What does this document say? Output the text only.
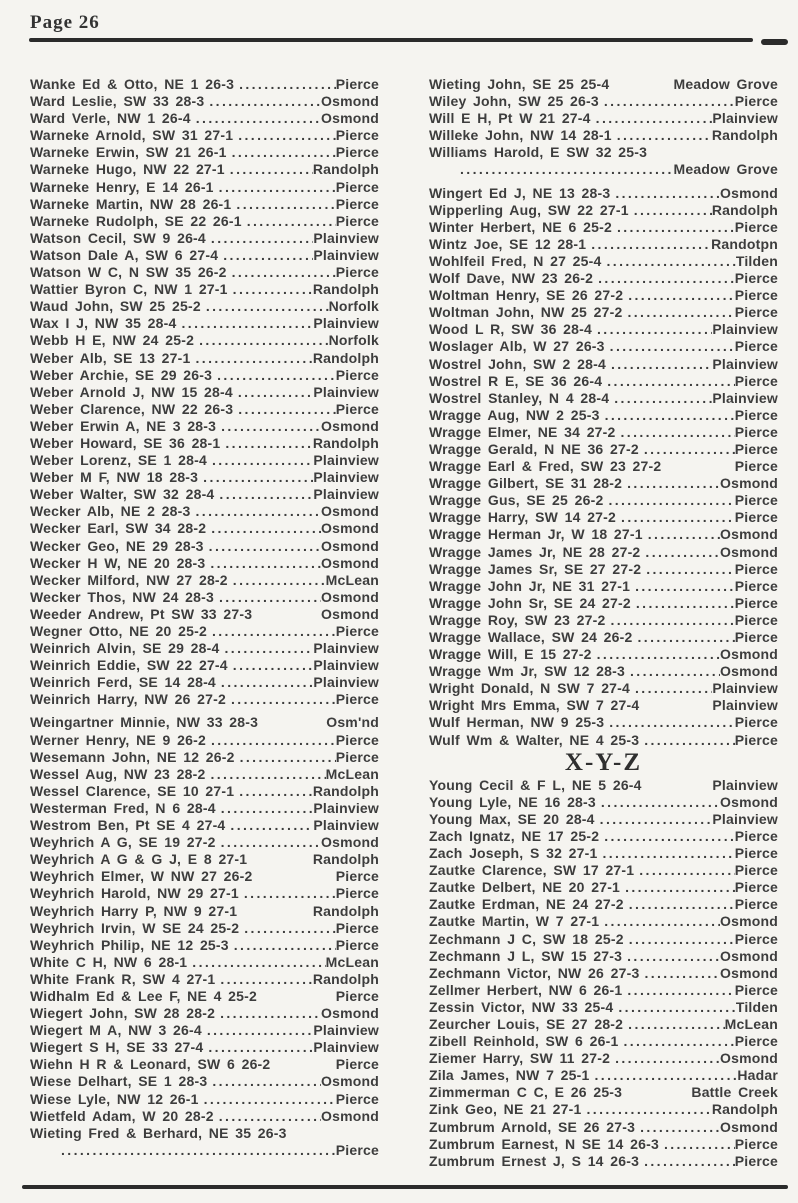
Page 26
Wanke Ed & Otto, NE 1 26-3 .....	Pierce
Ward Leslie, SW 33 28-3 .....	Osmond
Ward Verle, NW 1 26-4 .....	Osmond
Warneke Arnold, SW 31 27-1 .....	Pierce
Warneke Erwin, SW 21 26-1 .....	Pierce
Warneke Hugo, NW 22 27-1 .....	Randolph
Warneke Henry, E 14 26-1 .....	Pierce
Warneke Martin, NW 28 26-1 .....	Pierce
Warneke Rudolph, SE 22 26-1 .....	Pierce
Watson Cecil, SW 9 26-4 .....	Plainview
Watson Dale A, SW 6 27-4 .....	Plainview
Watson W C, N SW 35 26-2 .....	Pierce
Wattier Byron C, NW 1 27-1 .....	Randolph
Waud John, SW 25 25-2 .....	Norfolk
Wax I J, NW 35 28-4 .....	Plainview
Webb H E, NW 24 25-2 .....	Norfolk
Weber Alb, SE 13 27-1 .....	Randolph
Weber Archie, SE 29 26-3 .....	Pierce
Weber Arnold J, NW 15 28-4 .....	Plainview
Weber Clarence, NW 22 26-3 .....	Pierce
Weber Erwin A, NE 3 28-3 .....	Osmond
Weber Howard, SE 36 28-1 .....	Randolph
Weber Lorenz, SE 1 28-4 .....	Plainview
Weber M F, NW 18 28-3 .....	Plainview
Weber Walter, SW 32 28-4 .....	Plainview
Wecker Alb, NE 2 28-3 .....	Osmond
Wecker Earl, SW 34 28-2 .....	Osmond
Wecker Geo, NE 29 28-3 .....	Osmond
Wecker H W, NE 20 28-3 .....	Osmond
Wecker Milford, NW 27 28-2 .....	McLean
Wecker Thos, NW 24 28-3 .....	Osmond
Weeder Andrew, Pt SW 33 27-3	Osmond
Wegner Otto, NE 20 25-2 .....	Pierce
Weinrich Alvin, SE 29 28-4 .....	Plainview
Weinrich Eddie, SW 22 27-4 .....	Plainview
Weinrich Ferd, SE 14 28-4 .....	Plainview
Weinrich Harry, NW 26 27-2 .....	Pierce
Weingartner Minnie, NW 33 28-3	Osm'nd
Werner Henry, NE 9 26-2 .....	Pierce
Wesemann John, NE 12 26-2 .....	Pierce
Wessel Aug, NW 23 28-2 .....	McLean
Wessel Clarence, SE 10 27-1 .....	Randolph
Westerman Fred, N 6 28-4 .....	Plainview
Westrom Ben, Pt SE 4 27-4 .....	Plainview
Weyhrich A G, SE 19 27-2 .....	Osmond
Weyhrich A G & G J, E 8 27-1	Randolph
Weyhrich Elmer, W NW 27 26-2	Pierce
Weyhrich Harold, NW 29 27-1 .....	Pierce
Weyhrich Harry P, NW 9 27-1	Randolph
Weyhrich Irvin, W SE 24 25-2 .....	Pierce
Weyhrich Philip, NE 12 25-3 .....	Pierce
White C H, NW 6 28-1 .....	McLean
White Frank R, SW 4 27-1 .....	Randolph
Widhalm Ed & Lee F, NE 4 25-2	Pierce
Wiegert John, SW 28 28-2 .....	Osmond
Wiegert M A, NW 3 26-4 .....	Plainview
Wiegert S H, SE 33 27-4 .....	Plainview
Wiehn H R & Leonard, SW 6 26-2	Pierce
Wiese Delhart, SE 1 28-3 .....	Osmond
Wiese Lyle, NW 12 26-1 .....	Pierce
Wietfeld Adam, W 20 28-2 .....	Osmond
Wieting Fred & Berhard, NE 35 26-3
.....
Pierce
Wieting John, SE 25 25-4	Meadow Grove
Wiley John, SW 25 26-3 .....	Pierce
Will E H, Pt W 21 27-4 .....	Plainview
Willeke John, NW 14 28-1 .....	Randolph
Williams Harold, E SW 32 25-3
.....
Meadow Grove
Wingert Ed J, NE 13 28-3 .....	Osmond
Wipperling Aug, SW 22 27-1 .....	Randolph
Winter Herbert, NE 6 25-2 .....	Pierce
Wintz Joe, SE 12 28-1 .....	Randotpn
Wohlfeil Fred, N 27 25-4 .....	Tilden
Wolf Dave, NW 23 26-2 .....	Pierce
Woltman Henry, SE 26 27-2 .....	Pierce
Woltman John, NW 25 27-2 .....	Pierce
Wood L R, SW 36 28-4 .....	Plainview
Woslager Alb, W 27 26-3 .....	Pierce
Wostrel John, SW 2 28-4 .....	Plainview
Wostrel R E, SE 36 26-4 .....	Pierce
Wostrel Stanley, N 4 28-4 .....	Plainview
Wragge Aug, NW 2 25-3 .....	Pierce
Wragge Elmer, NE 34 27-2 .....	Pierce
Wragge Gerald, N NE 36 27-2 .....	Pierce
Wragge Earl & Fred, SW 23 27-2	Pierce
Wragge Gilbert, SE 31 28-2 .....	Osmond
Wragge Gus, SE 25 26-2 .....	Pierce
Wragge Harry, SW 14 27-2 .....	Pierce
Wragge Herman Jr, W 18 27-1 .....	Osmond
Wragge James Jr, NE 28 27-2 .....	Osmond
Wragge James Sr, SE 27 27-2 .....	Pierce
Wragge John Jr, NE 31 27-1 .....	Pierce
Wragge John Sr, SE 24 27-2 .....	Pierce
Wragge Roy, SW 23 27-2 .....	Pierce
Wragge Wallace, SW 24 26-2 .....	Pierce
Wragge Will, E 15 27-2 .....	Osmond
Wragge Wm Jr, SW 12 28-3 .....	Osmond
Wright Donald, N SW 7 27-4 .....	Plainview
Wright Mrs Emma, SW 7 27-4	Plainview
Wulf Herman, NW 9 25-3 .....	Pierce
Wulf Wm & Walter, NE 4 25-3 .....	Pierce
X-Y-Z
Young Cecil & F L, NE 5 26-4	Plainview
Young Lyle, NE 16 28-3 .....	Osmond
Young Max, SE 20 28-4 .....	Plainview
Zach Ignatz, NE 17 25-2 .....	Pierce
Zach Joseph, S 32 27-1 .....	Pierce
Zautke Clarence, SW 17 27-1 .....	Pierce
Zautke Delbert, NE 20 27-1 .....	Pierce
Zautke Erdman, NE 24 27-2 .....	Pierce
Zautke Martin, W 7 27-1 .....	Osmond
Zechmann J C, SW 18 25-2 .....	Pierce
Zechmann J L, SW 15 27-3 .....	Osmond
Zechmann Victor, NW 26 27-3 .....	Osmond
Zellmer Herbert, NW 6 26-1 .....	Pierce
Zessin Victor, NW 33 25-4 .....	Tilden
Zeurcher Louis, SE 27 28-2 .....	McLean
Zibell Reinhold, SW 6 26-1 .....	Pierce
Ziemer Harry, SW 11 27-2 .....	Osmond
Zila James, NW 7 25-1 .....	Hadar
Zimmerman C C, E 26 25-3	Battle Creek
Zink Geo, NE 21 27-1 .....	Randolph
Zumbrum Arnold, SE 26 27-3 .....	Osmond
Zumbrum Earnest, N SE 14 26-3 .....	Pierce
Zumbrum Ernest J, S 14 26-3 .....	Pierce
